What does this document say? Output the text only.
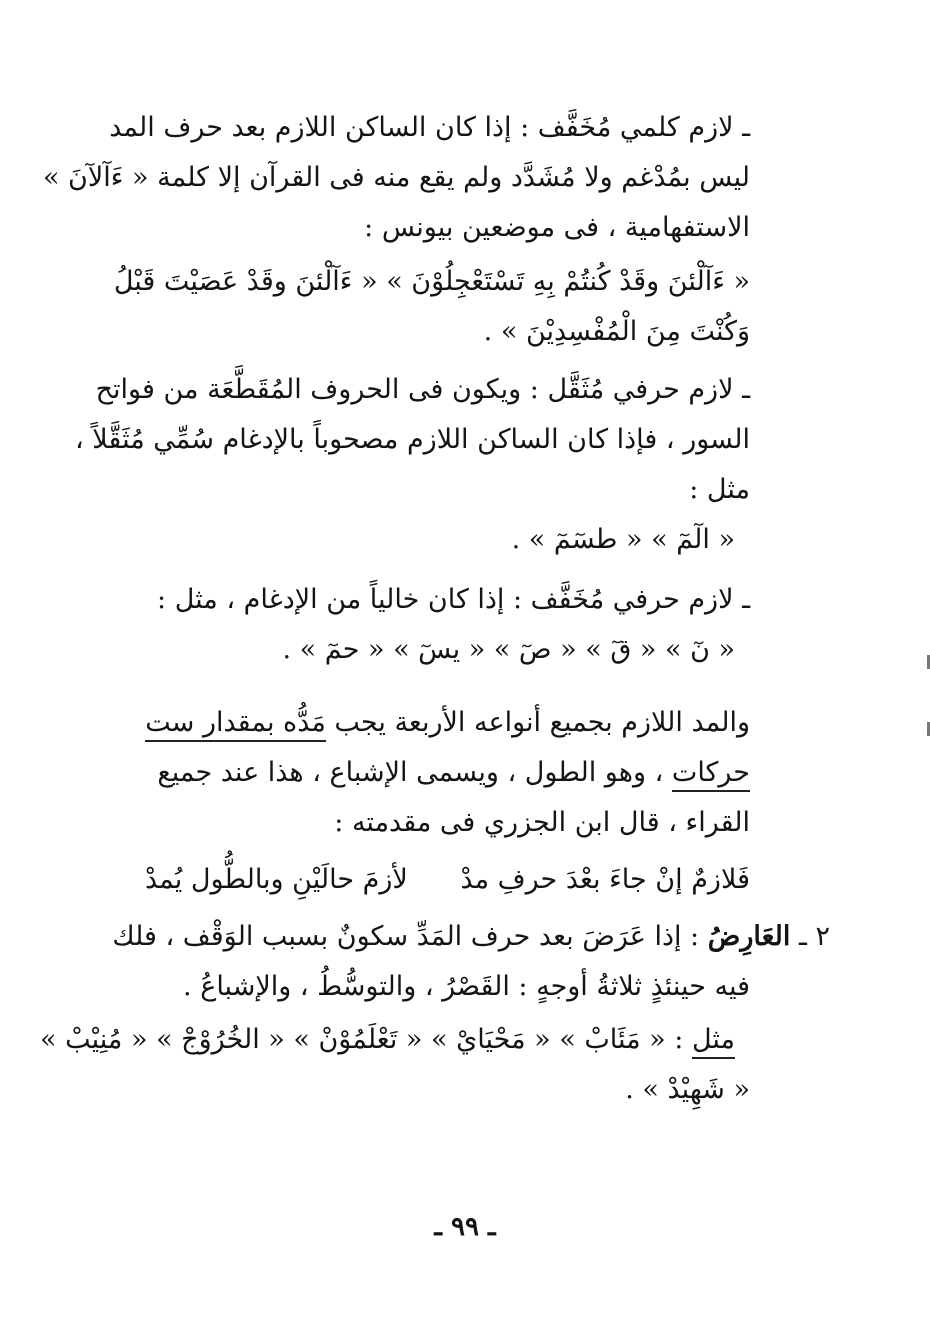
ـ لازم كلمي مُخَفَّف : إذا كان الساكن اللازم بعد حرف المد
ليس بمُدْغم ولا مُشَدَّد ولم يقع منه فى القرآن إلا كلمة « ءَآلآنَ »
الاستفهامية ، فى موضعين بيونس :
« ءَآلْئنَ وقَدْ كُنتُمْ بِهِ تَسْتَعْجِلُوْنَ » « ءَآلْئنَ وقَدْ عَصَيْتَ قَبْلُ
وَكُنْتَ مِنَ الْمُفْسِدِيْنَ » .
ـ لازم حرفي مُثَقَّل : ويكون فى الحروف المُقَطَّعَة من فواتح
السور ، فإذا كان الساكن اللازم مصحوباً بالإدغام سُمِّي مُثَقَّلاً ،
مثل :
« الٓمٓ » « طسٓمٓ » .
ـ لازم حرفي مُخَفَّف : إذا كان خالياً من الإدغام ، مثل :
« نٓ » « قٓ » « صٓ » « يسٓ » « حمٓ » .
والمد اللازم بجميع أنواعه الأربعة يجب مَدُّه بمقدار ست
حركات ، وهو الطول ، ويسمى الإشباع ، هذا عند جميع
القراء ، قال ابن الجزري فى مقدمته :
فَلازمٌ إنْ جاءَ بعْدَ حرفِ مدْ
لأزمَ حالَيْنِ وبالطُّول يُمدْ
٢ ـ العَارِضُ : إذا عَرَضَ بعد حرف المَدِّ سكونٌ بسبب الوَقْف ، فلك
فيه حينئذٍ ثلاثةُ أوجهٍ : القَصْرُ ، والتوسُّطُ ، والإشباعُ .
مثل : « مَئَابْ » « مَحْيَايْ » « تَعْلَمُوْنْ » « الخُرُوْجْ » « مُنِيْبْ »
« شَهِيْدْ » .
ـ ٩٩ ـ
